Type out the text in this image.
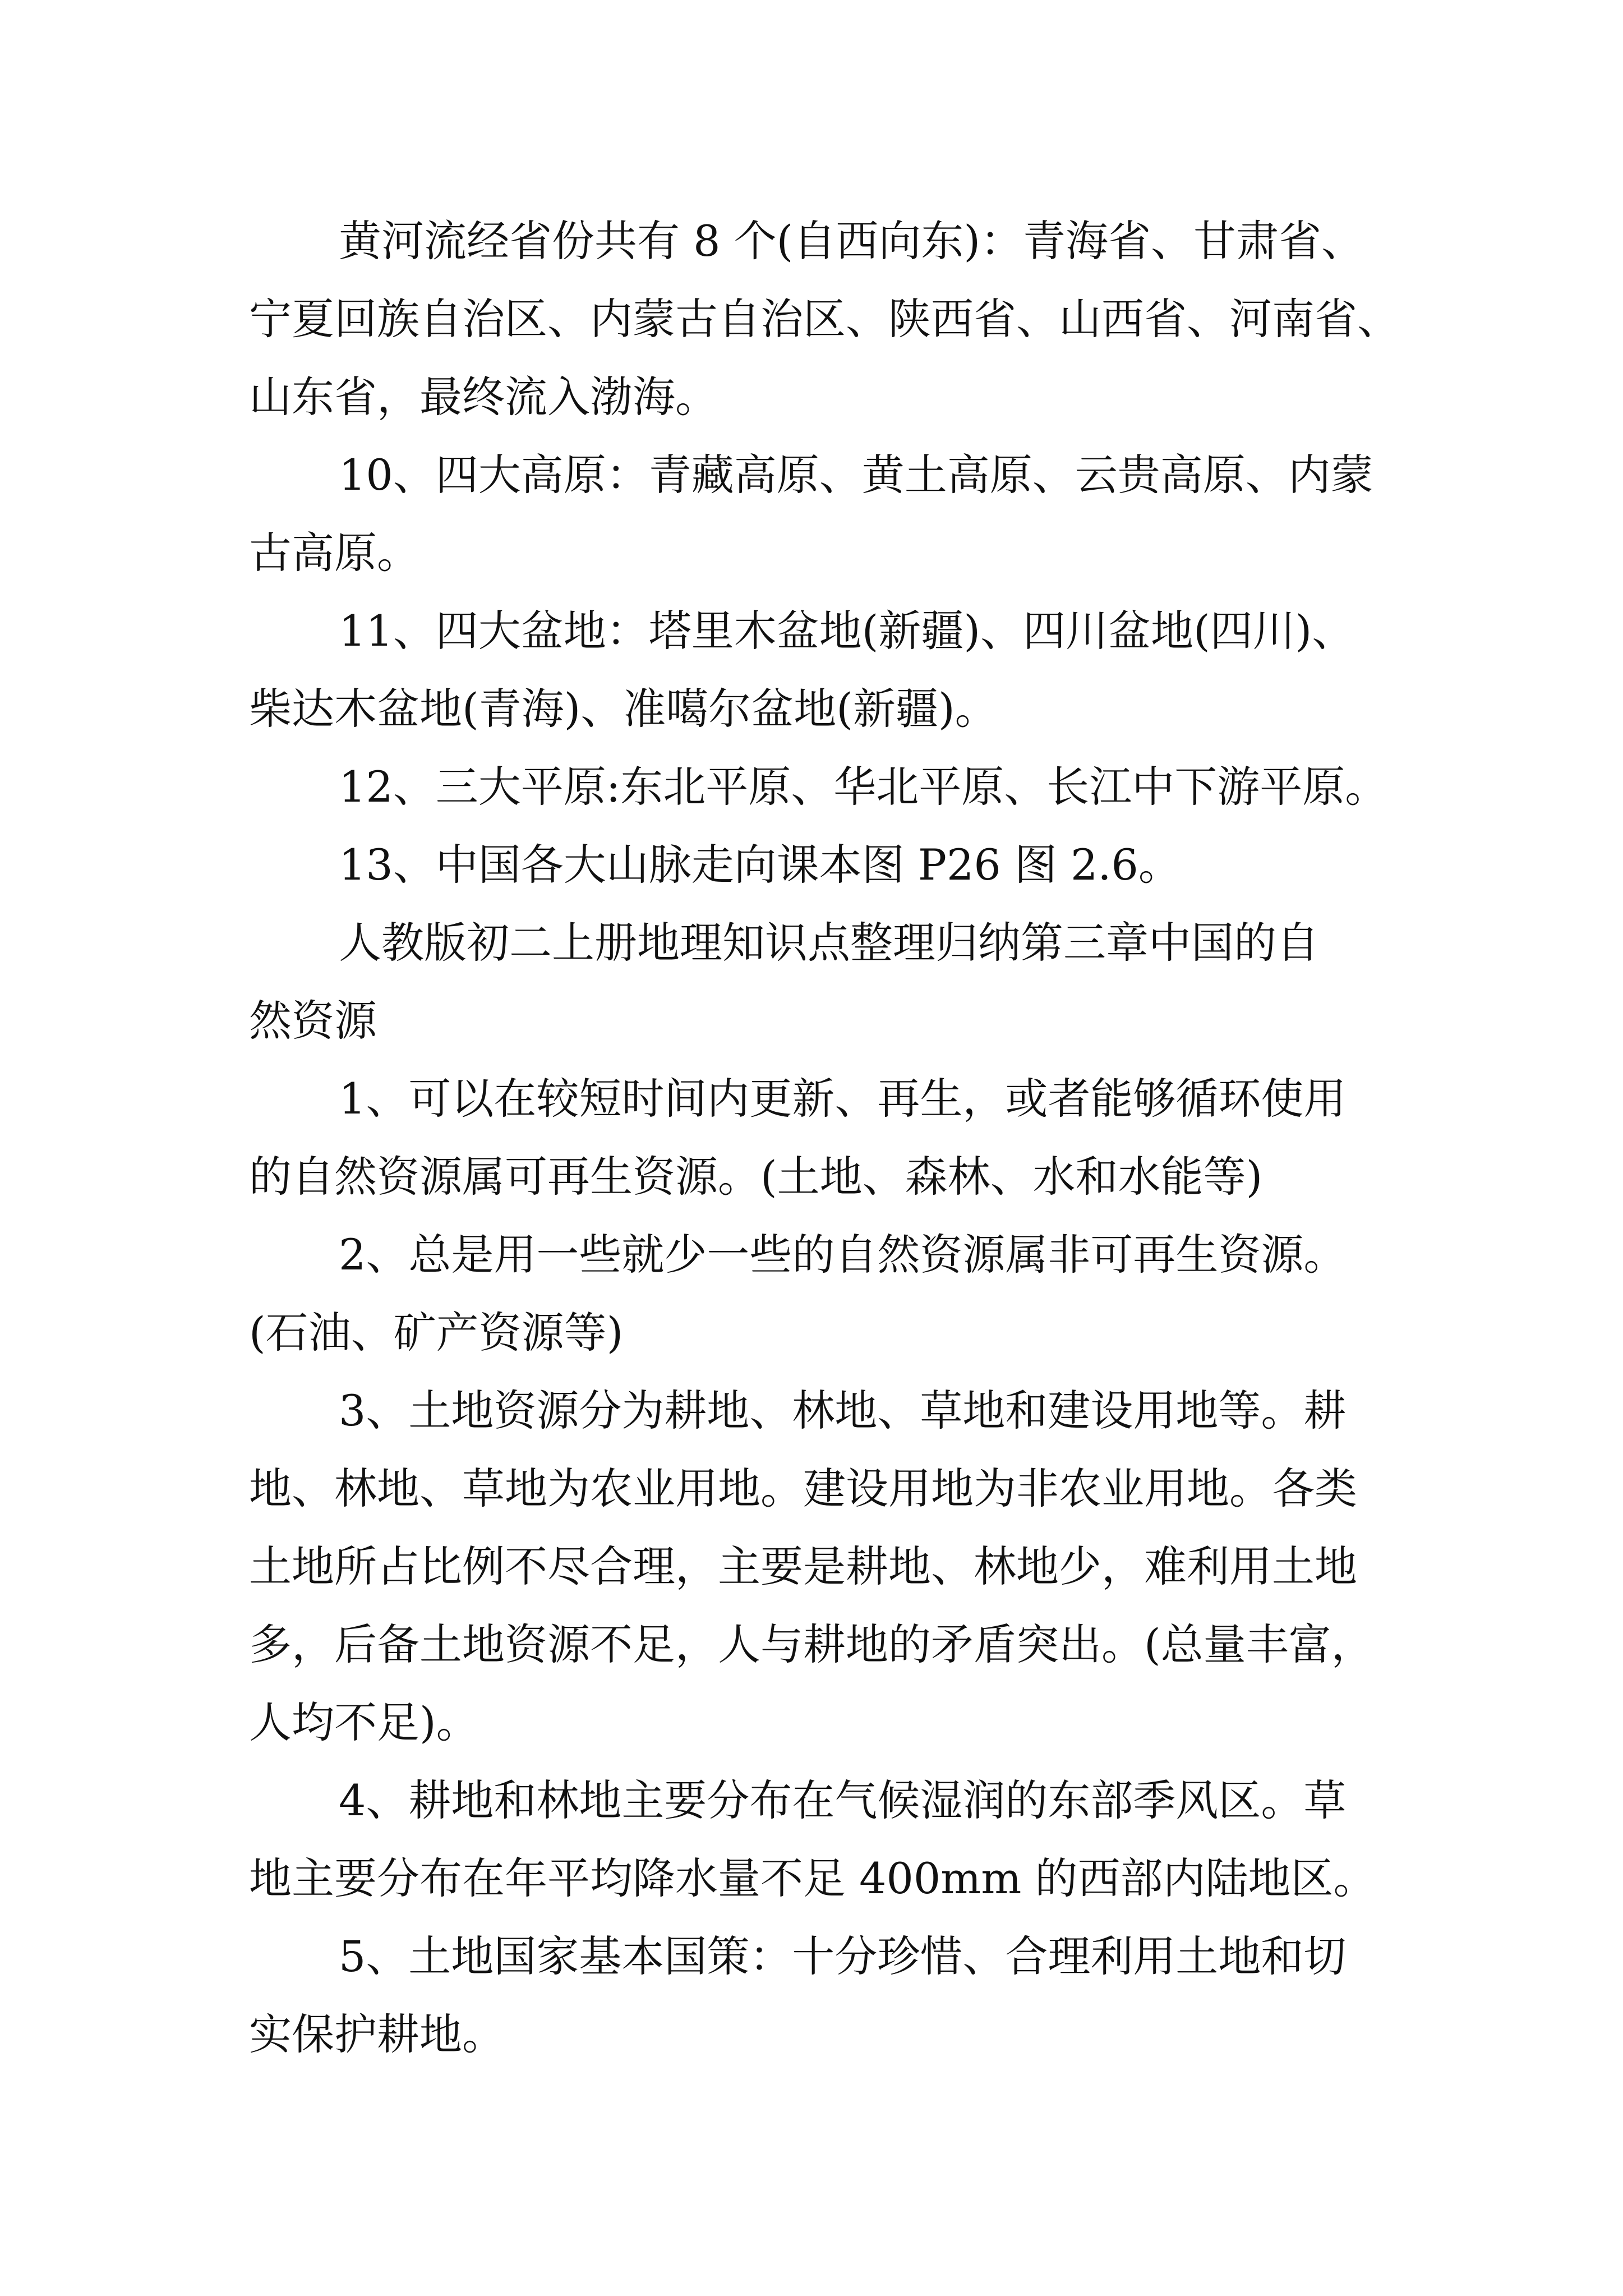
黄河流经省份共有 8 个(自西向东)：青海省、甘肃省、
宁夏回族自治区、内蒙古自治区、陕西省、山西省、河南省、
山东省，最终流入渤海。
10、四大高原：青藏高原、黄土高原、云贵高原、内蒙
古高原。
11、四大盆地：塔里木盆地(新疆)、四川盆地(四川)、
柴达木盆地(青海)、准噶尔盆地(新疆)。
12、三大平原:东北平原、华北平原、长江中下游平原。
13、中国各大山脉走向课本图 P26 图 2.6。
人教版初二上册地理知识点整理归纳第三章中国的自
然资源
1、可以在较短时间内更新、再生，或者能够循环使用
的自然资源属可再生资源。(土地、森林、水和水能等)
2、总是用一些就少一些的自然资源属非可再生资源。
(石油、矿产资源等)
3、土地资源分为耕地、林地、草地和建设用地等。耕
地、林地、草地为农业用地。建设用地为非农业用地。各类
土地所占比例不尽合理，主要是耕地、林地少，难利用土地
多，后备土地资源不足，人与耕地的矛盾突出。(总量丰富，
人均不足)。
4、耕地和林地主要分布在气候湿润的东部季风区。草
地主要分布在年平均降水量不足 400mm 的西部内陆地区。
5、土地国家基本国策：十分珍惜、合理利用土地和切
实保护耕地。
